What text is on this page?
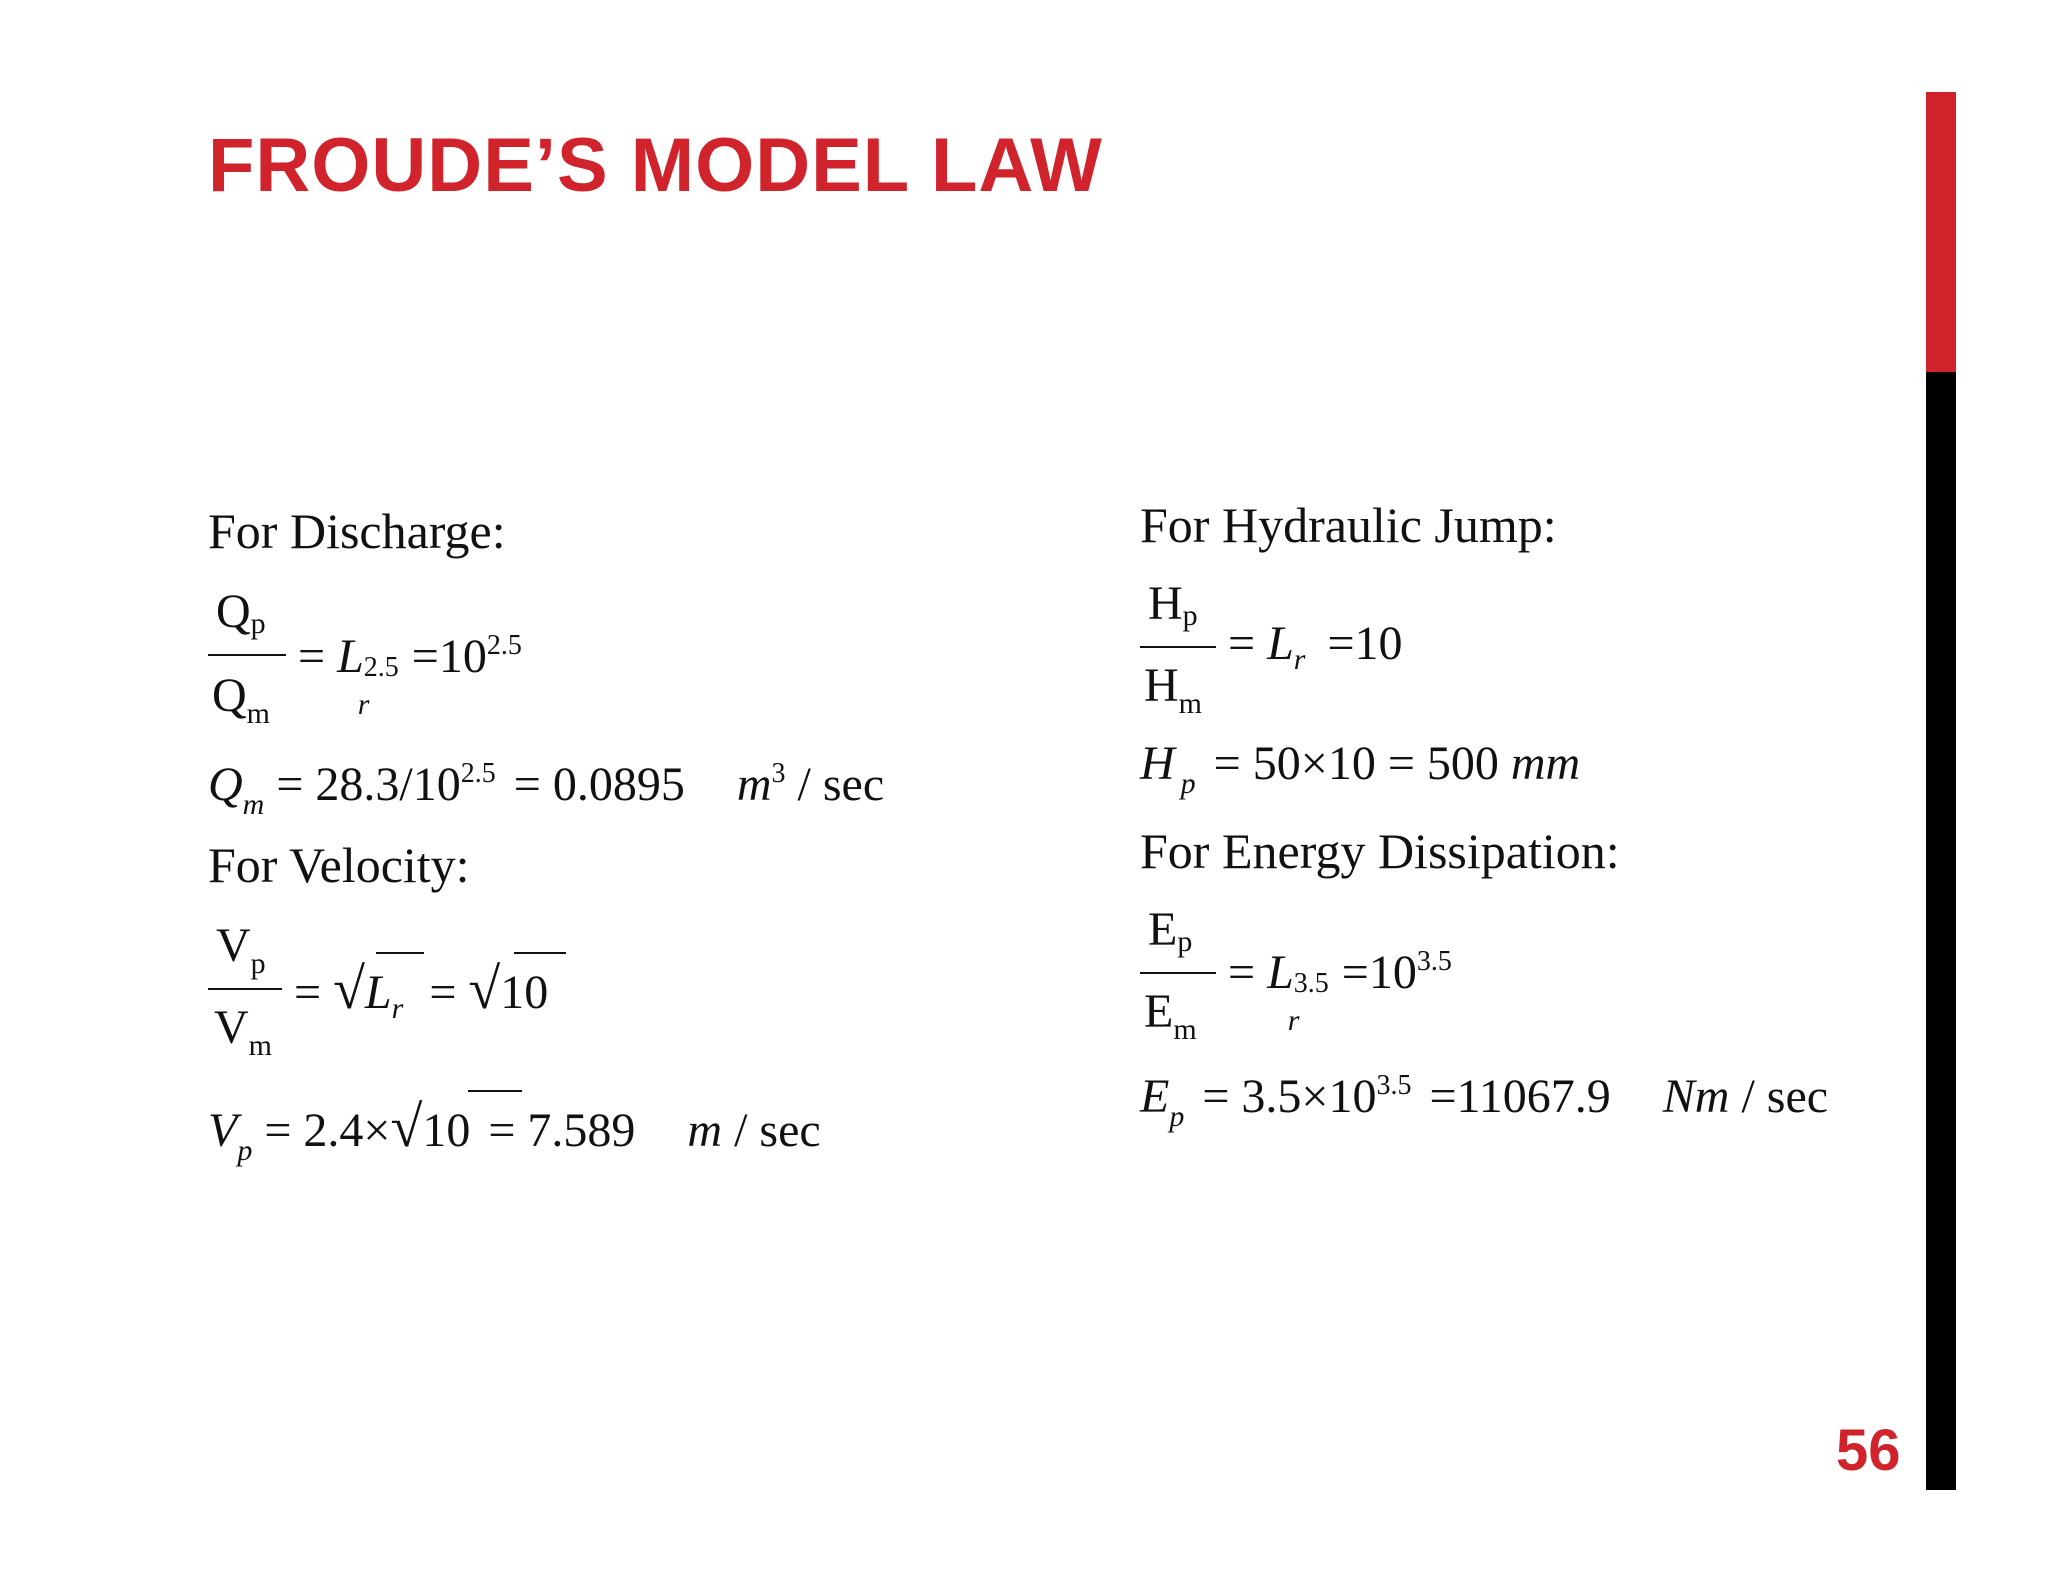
FROUDE’S MODEL LAW
56
For Discharge:
$Q_p$
$Q_m$
= L 2.5
r
$=10^{2.5}$
$Q_m = 28.3/10^{2.5} = 0.0895$ $m^3$ / sec
For Velocity:
$V_p$
$V_m$
= $√L_r = √10$
$V_p = 2.4\times√10 = 7.589$ m / sec
For Hydraulic Jump:
$H_p$
$H_m$
= $L_r =10$
H $_p$ = 50×10 = 500 mm
For Energy Dissipation:
$E_p$
$E_m$
= L 3.5
r
$=10^{3.5}$
$E_p = 3.5\times 10^{3.5} =11067.9$ Nm / sec
